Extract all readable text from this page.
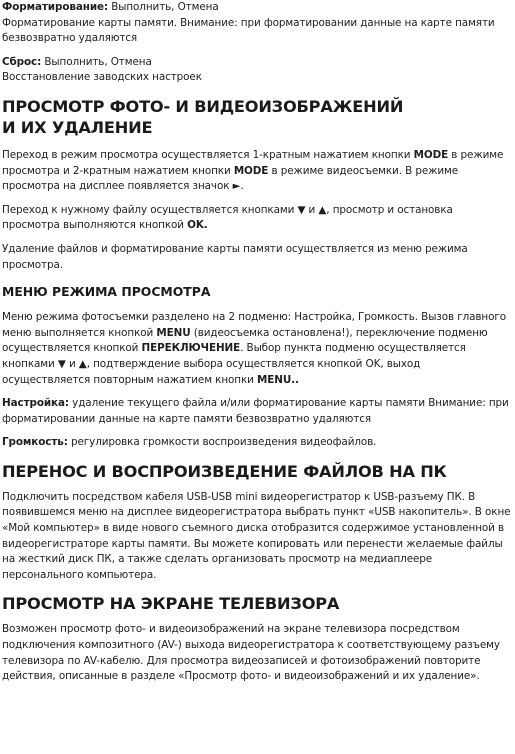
Форматирование: Выполнить, Отмена

Форматирование карты памяти. Внимание: при форматировании данные на карте памяти безвозвратно удаляются

Сброс: Выполнить, Отмена

Восстановление заводских настроек

ПРОСМОТР ФОТО- И ВИДЕОИЗОБРАЖЕНИЙ
И ИХ УДАЛЕНИЕ

Переход в режим просмотра осуществляется 1-кратным нажатием кнопки MODE в режиме просмотра и 2-кратным нажатием кнопки MODE в режиме видеосъемки. В режиме просмотра на дисплее появляется значок ►.

Переход к нужному файлу осуществляется кнопками ▼ и ▲, просмотр и остановка просмотра выполняются кнопкой OK.

Удаление файлов и форматирование карты памяти осуществляется из меню режима просмотра.

МЕНЮ РЕЖИМА ПРОСМОТРА

Меню режима фотосъемки разделено на 2 подменю: Настройка, Громкость. Вызов главного меню выполняется кнопкой MENU (видеосъемка остановлена!), переключение подменю осуществляется кнопкой ПЕРЕКЛЮЧЕНИЕ. Выбор пункта подменю осуществляется кнопками ▼ и ▲, подтверждение выбора осуществляется кнопкой OK, выход осуществляется повторным нажатием кнопки MENU..

Настройка: удаление текущего файла и/или форматирование карты памяти Внимание: при форматировании данные на карте памяти безвозвратно удаляются

Громкость: регулировка громкости воспроизведения видеофайлов.

ПЕРЕНОС И ВОСПРОИЗВЕДЕНИЕ ФАЙЛОВ НА ПК

Подключить посредством кабеля USB-USB mini видеорегистратор к USB-разъему ПК. В появившемся меню на дисплее видеорегистратора выбрать пункт «USB накопитель». В окне «Мой компьютер» в виде нового съемного диска отобразится содержимое установленной в видеорегистраторе карты памяти. Вы можете копировать или перенести желаемые файлы на жесткий диск ПК, а также сделать организовать просмотр на медиаплеере персонального компьютера.

ПРОСМОТР НА ЭКРАНЕ ТЕЛЕВИЗОРА

Возможен просмотр фото- и видеоизображений на экране телевизора посредством подключения композитного (AV-) выхода видеорегистратора к соответствующему разъему телевизора по AV-кабелю. Для просмотра видеозаписей и фотоизображений повторите действия, описанные в разделе «Просмотр фото- и видеоизображений и их удаление».
